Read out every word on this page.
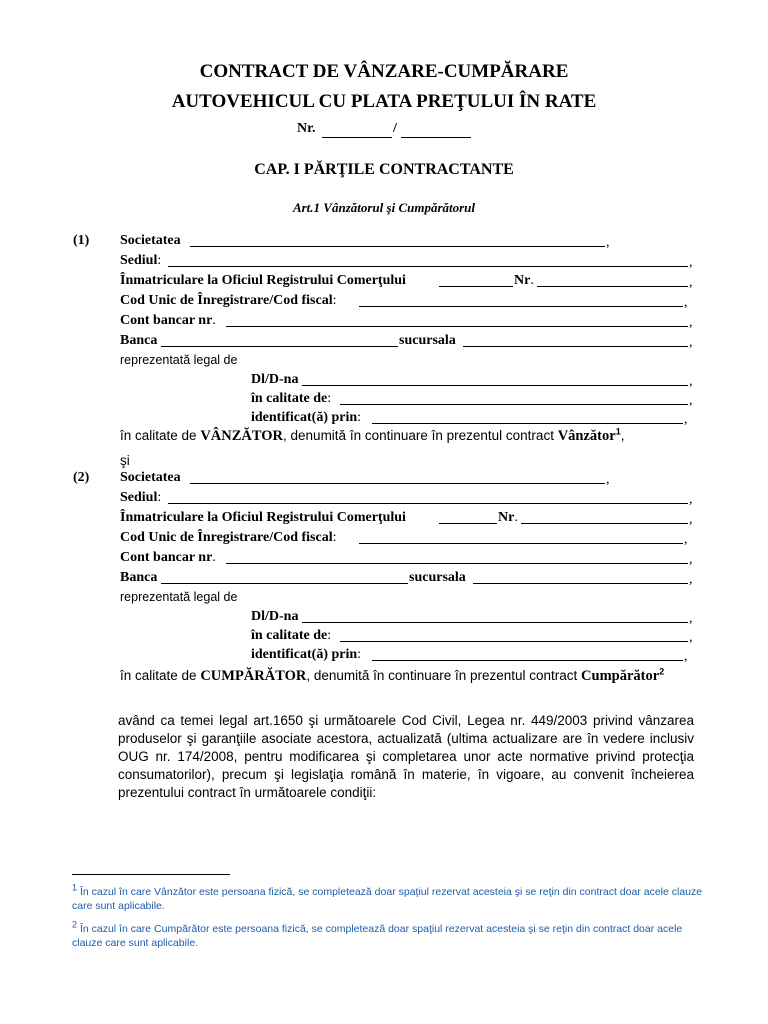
CONTRACT DE VÂNZARE-CUMPĂRARE
AUTOVEHICUL CU PLATA PREŢULUI ÎN RATE
Nr.	/
CAP. I PĂRŢILE CONTRACTANTE
Art.1 Vânzătorul şi Cumpărătorul
(1) Societatea	,
Sediul:	,
Înmatriculare la Oficiul Registrului Comerţului	Nr.	,
Cod Unic de Înregistrare/Cod fiscal:	,
Cont bancar nr.	,
Banca	sucursala	,
reprezentată legal de
Dl/D-na	,
în calitate de:	,
identificat(ă) prin:	,
în calitate de VÂNZĂTOR, denumită în continuare în prezentul contract Vânzător$^1$,
şi
(2) Societatea	,
Sediul:	,
Înmatriculare la Oficiul Registrului Comerţului	Nr.	,
Cod Unic de Înregistrare/Cod fiscal:	,
Cont bancar nr.	,
Banca	sucursala	,
reprezentată legal de
Dl/D-na	,
în calitate de:	,
identificat(ă) prin:	,
în calitate de CUMPĂRĂTOR, denumită în continuare în prezentul contract Cumpărător$^2$
având ca temei legal art.1650 şi următoarele Cod Civil, Legea nr. 449/2003 privind vânzarea produselor şi garanţiile asociate acestora, actualizată (ultima actualizare are în vedere inclusiv OUG nr. 174/2008, pentru modificarea şi completarea unor acte normative privind protecţia consumatorilor), precum şi legislaţia română în materie, în vigoare, au convenit încheierea prezentului contract în următoarele condiţii:
$^1$ În cazul în care Vânzător este persoana fizică, se completează doar spaţiul rezervat acesteia şi se reţin din contract doar acele clauze care sunt aplicabile.
$^2$ În cazul în care Cumpărător este persoana fizică, se completează doar spaţiul rezervat acesteia şi se reţin din contract doar acele clauze care sunt aplicabile.
